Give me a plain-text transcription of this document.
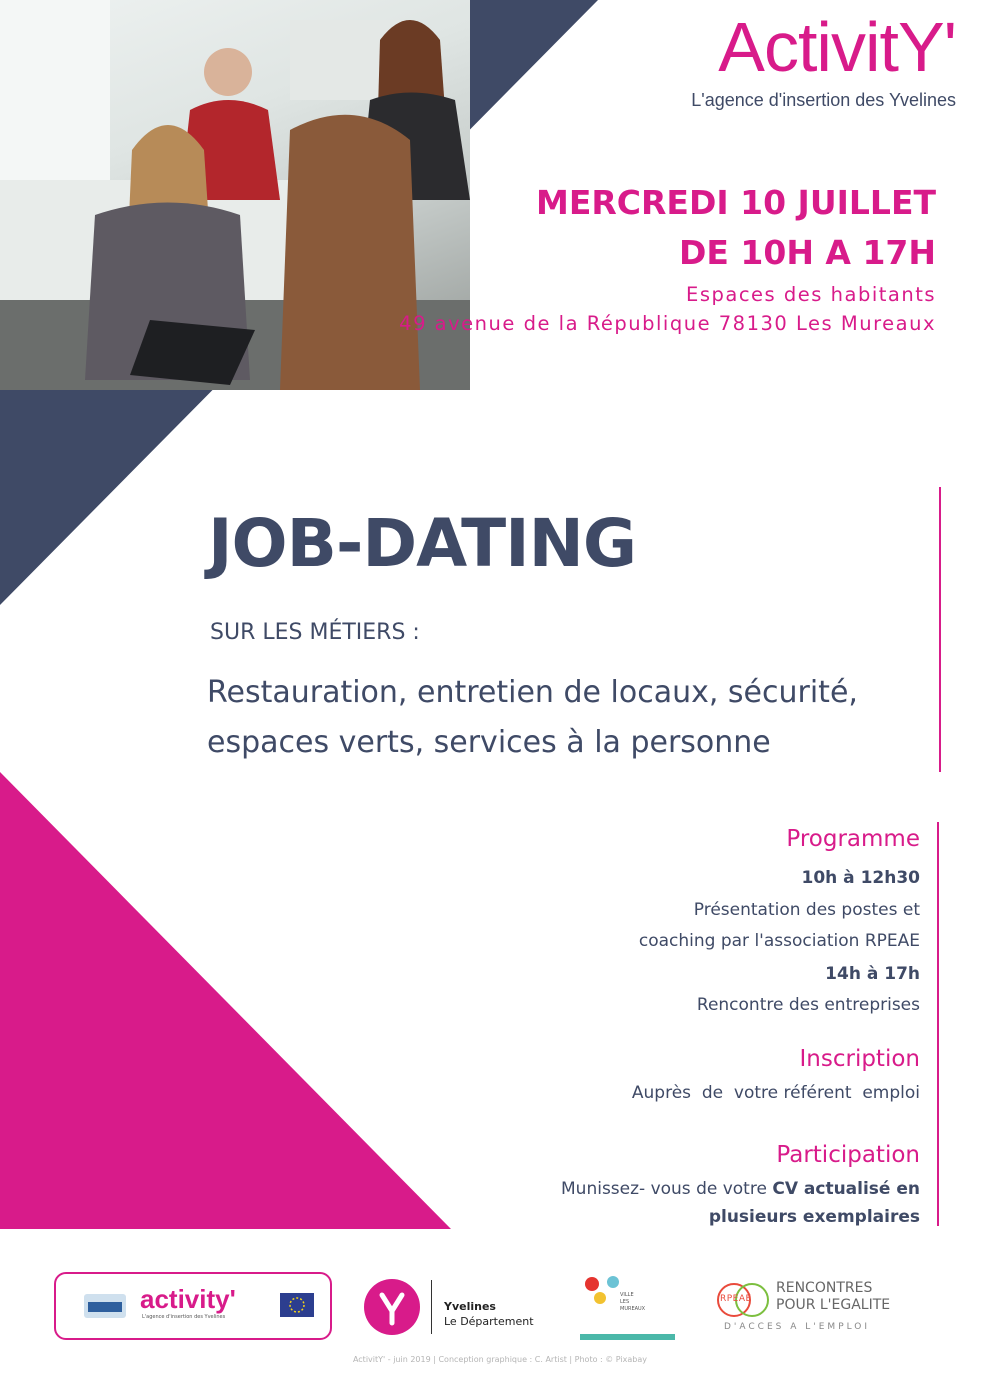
ActivitY'
L'agence d'insertion des Yvelines
MERCREDI 10 JUILLET
DE 10H A 17H
Espaces des habitants
49 avenue de la République 78130 Les Mureaux
JOB-DATING
SUR LES MÉTIERS :
Restauration, entretien de locaux, sécurité,
espaces verts, services à la personne
Programme
10h à 12h30
Présentation des postes et
coaching par l'association RPEAE
14h à 17h
Rencontre des entreprises
Inscription
Auprès  de  votre référent  emploi
Participation
Munissez- vous de votre CV actualisé en
plusieurs exemplaires
activity'
L'agence d'insertion des Yvelines
Yvelines
Le Département
VILLE
LES
MUREAUX
RPEAE
RENCONTRES
POUR L'EGALITE
D'ACCES A L'EMPLOI
ActivitY' - juin 2019 | Conception graphique : C. Artist | Photo : © Pixabay
